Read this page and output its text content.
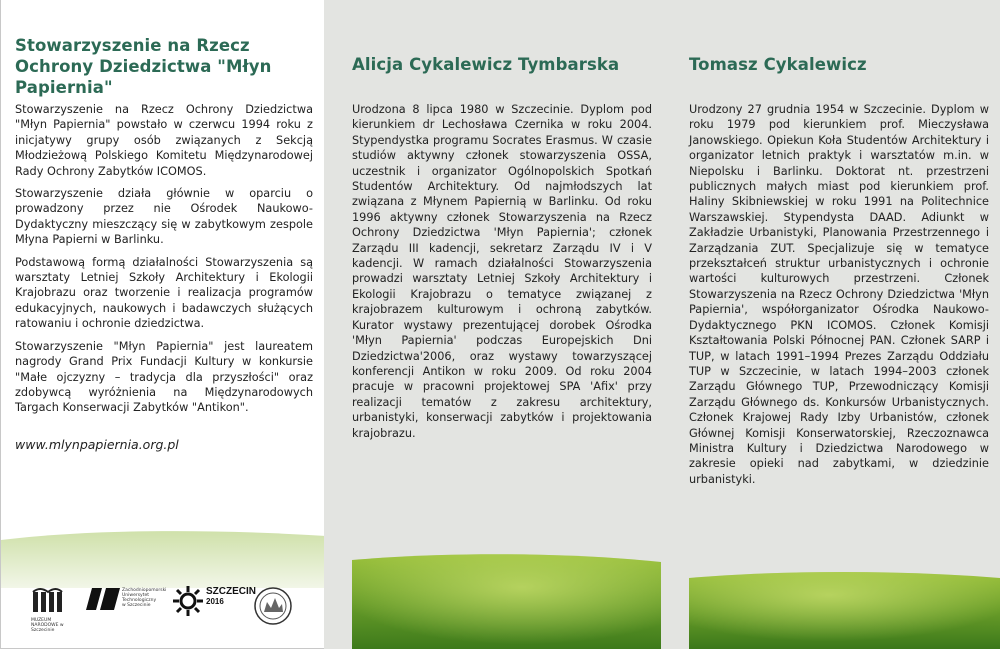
Stowarzyszenie na Rzecz Ochrony Dziedzictwa "Młyn Papiernia"

Stowarzyszenie na Rzecz Ochrony Dziedzictwa "Młyn Papiernia" powstało w czerwcu 1994 roku z inicjatywy grupy osób związanych z Sekcją Młodzieżową Polskiego Komitetu Międzynarodowej Rady Ochrony Zabytków ICOMOS.

Stowarzyszenie działa głównie w oparciu o prowadzony przez nie Ośrodek Naukowo-Dydaktyczny mieszczący się w zabytkowym zespole Młyna Papierni w Barlinku.

Podstawową formą działalności Stowarzyszenia są warsztaty Letniej Szkoły Architektury i Ekologii Krajobrazu oraz tworzenie i realizacja programów edukacyjnych, naukowych i badawczych służących ratowaniu i ochronie dziedzictwa.

Stowarzyszenie "Młyn Papiernia" jest laureatem nagrody Grand Prix Fundacji Kultury w konkursie "Małe ojczyzny – tradycja dla przyszłości" oraz zdobywcą wyróżnienia na Międzynarodowych Targach Konserwacji Zabytków "Antikon".

www.mlynpapiernia.org.pl
MUZEUM NARODOWE w Szczecinie
Zachodniopomorski Uniwersytet Technologiczny w Szczecinie
SZCZECIN
2016
Alicja Cykalewicz Tymbarska

Urodzona 8 lipca 1980 w Szczecinie. Dyplom pod kierunkiem dr Lechosława Czernika w roku 2004. Stypendystka programu Socrates Erasmus. W czasie studiów aktywny członek stowarzyszenia OSSA, uczestnik i organizator Ogólnopolskich Spotkań Studentów Architektury. Od najmłodszych lat związana z Młynem Papiernią w Barlinku. Od roku 1996 aktywny członek Stowarzyszenia na Rzecz Ochrony Dziedzictwa 'Młyn Papiernia'; członek Zarządu III kadencji, sekretarz Zarządu IV i V kadencji. W ramach działalności Stowarzyszenia prowadzi warsztaty Letniej Szkoły Architektury i Ekologii Krajobrazu o tematyce związanej z krajobrazem kulturowym i ochroną zabytków. Kurator wystawy prezentującej dorobek Ośrodka 'Młyn Papiernia' podczas Europejskich Dni Dziedzictwa'2006, oraz wystawy towarzyszącej konferencji Antikon w roku 2009. Od roku 2004 pracuje w pracowni projektowej SPA 'Afix' przy realizacji tematów z zakresu architektury, urbanistyki, konserwacji zabytków i projektowania krajobrazu.

Tomasz Cykalewicz

Urodzony 27 grudnia 1954 w Szczecinie. Dyplom w roku 1979 pod kierunkiem prof. Mieczysława Janowskiego. Opiekun Koła Studentów Architektury i organizator letnich praktyk i warsztatów m.in. w Niepolsku i Barlinku. Doktorat nt. przestrzeni publicznych małych miast pod kierunkiem prof. Haliny Skibniewskiej w roku 1991 na Politechnice Warszawskiej. Stypendysta DAAD. Adiunkt w Zakładzie Urbanistyki, Planowania Przestrzennego i Zarządzania ZUT. Specjalizuje się w tematyce przekształceń struktur urbanistycznych i ochronie wartości kulturowych przestrzeni. Członek Stowarzyszenia na Rzecz Ochrony Dziedzictwa 'Młyn Papiernia', współorganizator Ośrodka Naukowo-Dydaktycznego PKN ICOMOS. Członek Komisji Kształtowania Polski Północnej PAN. Członek SARP i TUP, w latach 1991–1994 Prezes Zarządu Oddziału TUP w Szczecinie, w latach 1994–2003 członek Zarządu Głównego TUP, Przewodniczący Komisji Zarządu Głównego ds. Konkursów Urbanistycznych. Członek Krajowej Rady Izby Urbanistów, członek Głównej Komisji Konserwatorskiej, Rzeczoznawca Ministra Kultury i Dziedzictwa Narodowego w zakresie opieki nad zabytkami, w dziedzinie urbanistyki.
